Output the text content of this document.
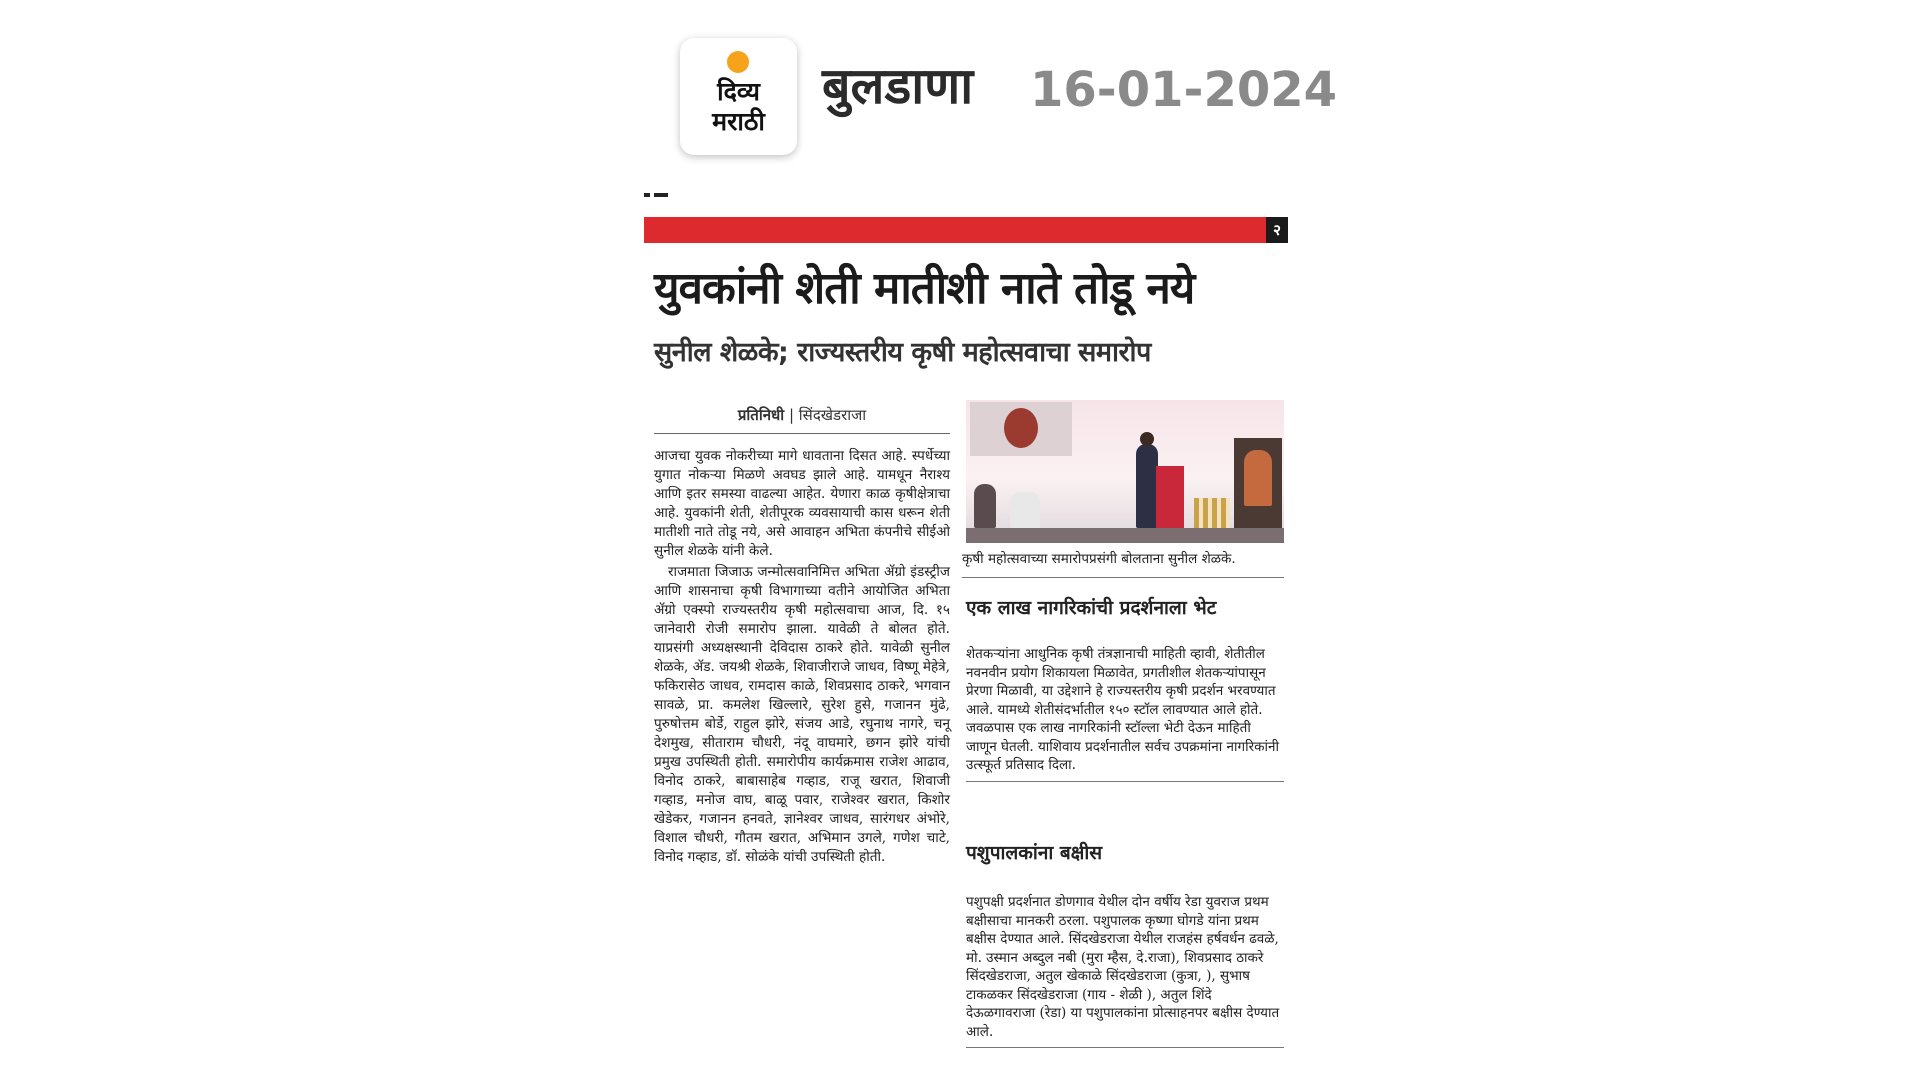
दिव्य
मराठी
बुलडाणा 16-01-2024
२
युवकांनी शेती मातीशी नाते तोडू नये
सुनील शेळके; राज्यस्तरीय कृषी महोत्सवाचा समारोप
प्रतिनिधी | सिंदखेडराजा

आजचा युवक नोकरीच्या मागे धावताना दिसत आहे. स्पर्धेच्या युगात नोकऱ्या मिळणे अवघड झाले आहे. यामधून नैराश्य आणि इतर समस्या वाढल्या आहेत. येणारा काळ कृषीक्षेत्राचा आहे. युवकांनी शेती, शेतीपूरक व्यवसायाची कास धरून शेती मातीशी नाते तोडू नये, असे आवाहन अभिता कंपनीचे सीईओ सुनील शेळके यांनी केले.

राजमाता जिजाऊ जन्मोत्सवानिमित्त अभिता ॲग्रो इंडस्ट्रीज आणि शासनाचा कृषी विभागाच्या वतीने आयोजित अभिता ॲग्रो एक्स्पो राज्यस्तरीय कृषी महोत्सवाचा आज, दि. १५ जानेवारी रोजी समारोप झाला. यावेळी ते बोलत होते. याप्रसंगी अध्यक्षस्थानी देविदास ठाकरे होते. यावेळी सुनील शेळके, ॲड. जयश्री शेळके, शिवाजीराजे जाधव, विष्णू मेहेत्रे, फकिरासेठ जाधव, रामदास काळे, शिवप्रसाद ठाकरे, भगवान सावळे, प्रा. कमलेश खिल्लारे, सुरेश हुसे, गजानन मुंढे, पुरुषोत्तम बोर्डे, राहुल झोरे, संजय आडे, रघुनाथ नागरे, चनू देशमुख, सीताराम चौधरी, नंदू वाघमारे, छगन झोरे यांची प्रमुख उपस्थिती होती. समारोपीय कार्यक्रमास राजेश आढाव, विनोद ठाकरे, बाबासाहेब गव्हाड, राजू खरात, शिवाजी गव्हाड, मनोज वाघ, बाळू पवार, राजेश्वर खरात, किशोर खेडेकर, गजानन हनवते, ज्ञानेश्वर जाधव, सारंगधर अंभोरे, विशाल चौधरी, गौतम खरात, अभिमान उगले, गणेश चाटे, विनोद गव्हाड, डॉ. सोळंके यांची उपस्थिती होती.

कृषी महोत्सवाच्या समारोपप्रसंगी बोलताना सुनील शेळके.
एक लाख नागरिकांची प्रदर्शनाला भेट
शेतकऱ्यांना आधुनिक कृषी तंत्रज्ञानाची माहिती व्हावी, शेतीतील नवनवीन प्रयोग शिकायला मिळावेत, प्रगतीशील शेतकऱ्यांपासून प्रेरणा मिळावी, या उद्देशाने हे राज्यस्तरीय कृषी प्रदर्शन भरवण्यात आले. यामध्ये शेतीसंदर्भातील १५० स्टॉल लावण्यात आले होते. जवळपास एक लाख नागरिकांनी स्टॉल्ला भेटी देऊन माहिती जाणून घेतली. याशिवाय प्रदर्शनातील सर्वच उपक्रमांना नागरिकांनी उत्स्फूर्त प्रतिसाद दिला.
पशुपालकांना बक्षीस
पशुपक्षी प्रदर्शनात डोणगाव येथील दोन वर्षीय रेडा युवराज प्रथम बक्षीसाचा मानकरी ठरला. पशुपालक कृष्णा घोगडे यांना प्रथम बक्षीस देण्यात आले. सिंदखेडराजा येथील राजहंस हर्षवर्धन ढवळे, मो. उस्मान अब्दुल नबी (मुरा म्हैस, दे.राजा), शिवप्रसाद ठाकरे सिंदखेडराजा, अतुल खेकाळे सिंदखेडराजा (कुत्रा, ), सुभाष टाकळकर सिंदखेडराजा (गाय - शेळी ), अतुल शिंदे देऊळगावराजा (रेडा) या पशुपालकांना प्रोत्साहनपर बक्षीस देण्यात आले.
